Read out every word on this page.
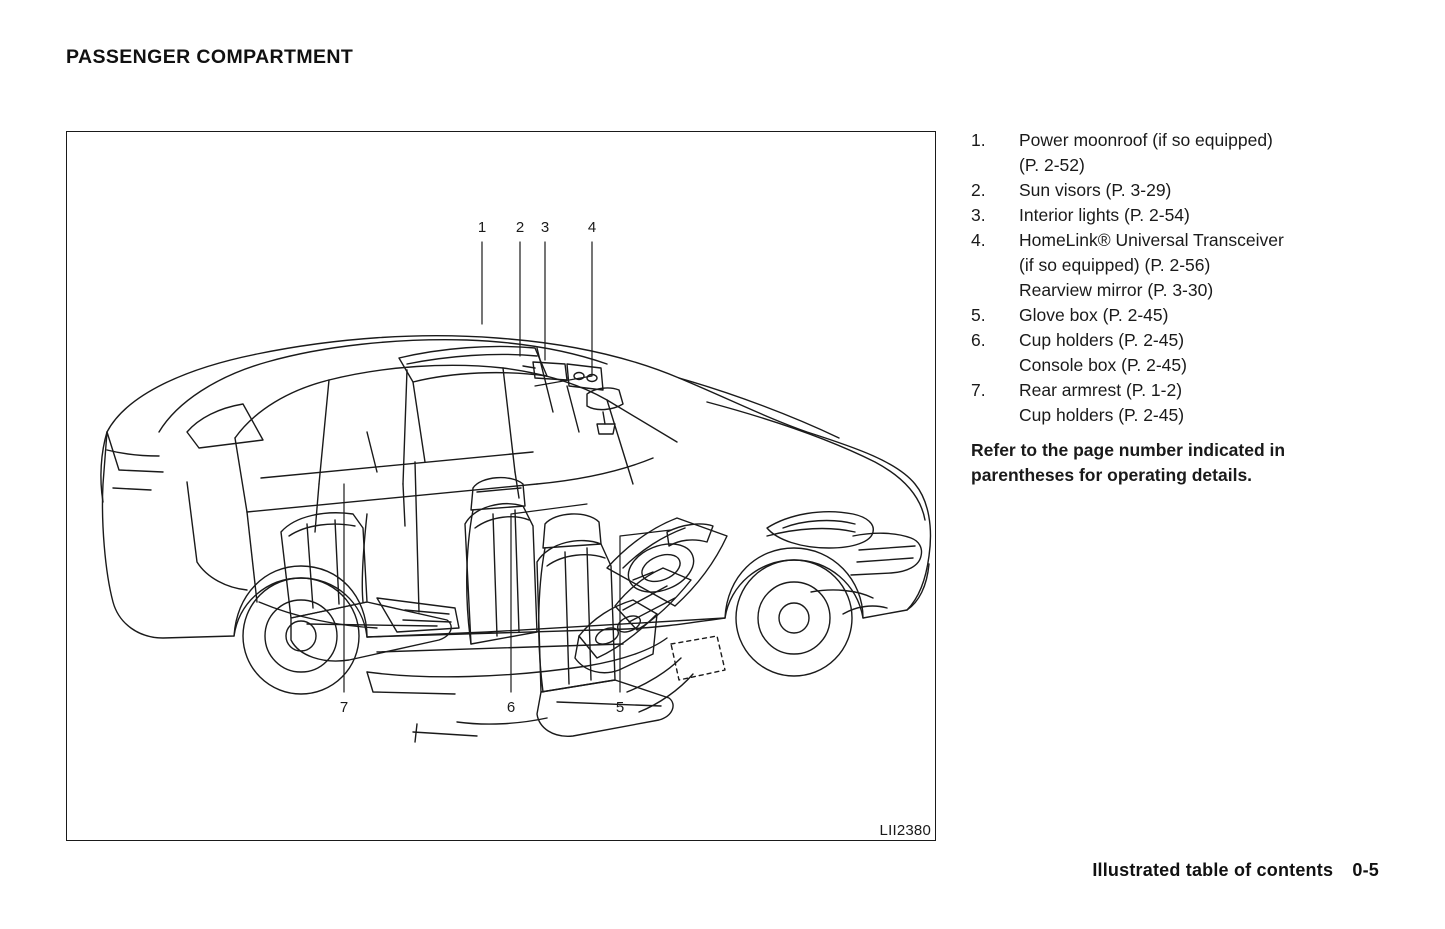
PASSENGER COMPARTMENT
1 2 3	4
5
6
7
LII2380
1.	Power moonroof (if so equipped)
(P. 2-52)
2.	Sun visors (P. 3-29)
3.	Interior lights (P. 2-54)
4.	HomeLink® Universal Transceiver
(if so equipped) (P. 2-56)
Rearview mirror (P. 3-30)
5.	Glove box (P. 2-45)
6.	Cup holders (P. 2-45)
Console box (P. 2-45)
7.	Rear armrest (P. 1-2)
Cup holders (P. 2-45)
Refer to the page number indicated in
parentheses for operating details.
Illustrated table of contents 0-5
